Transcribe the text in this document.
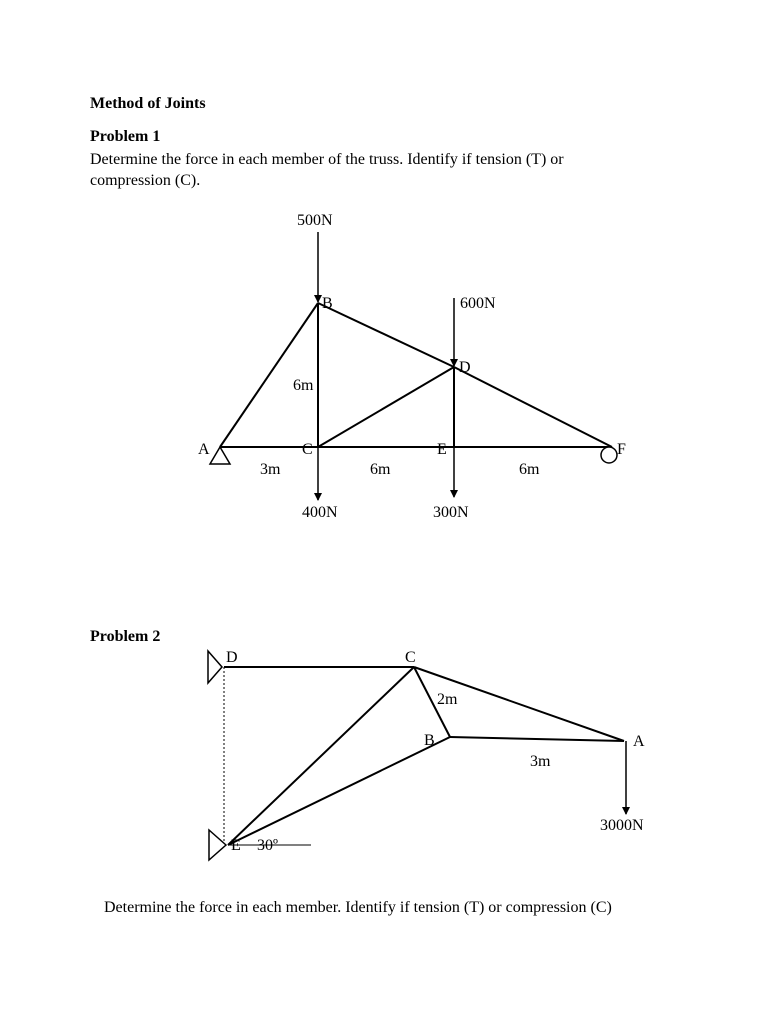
Method of Joints
Problem 1
Determine the force in each member of the truss. Identify if tension (T) or compression (C).
500N
600N
400N	300N
A
B
C
D
E	F
6m
3m	6m	6m
Problem 2
D	C
B	A
E
2m
3m
30º
3000N
Determine the force in each member. Identify if tension (T) or compression (C)
